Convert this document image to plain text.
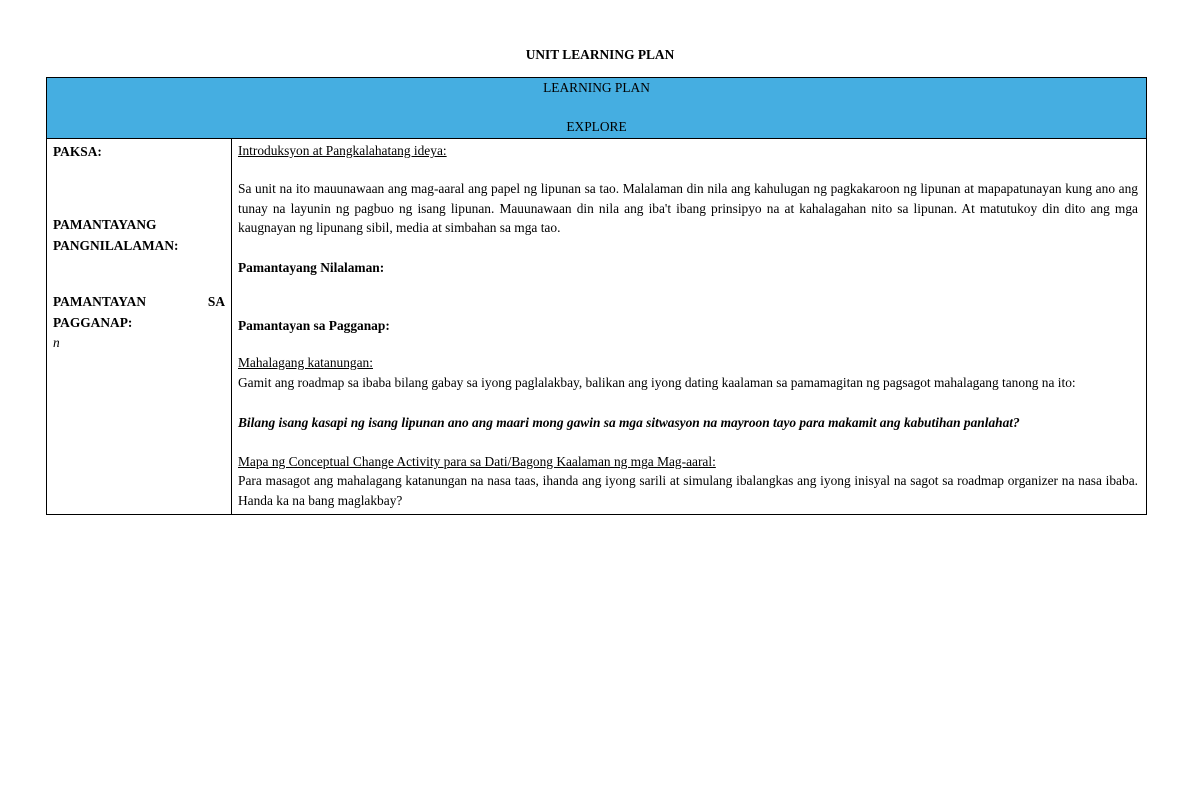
UNIT LEARNING PLAN
LEARNING PLAN
EXPLORE
PAKSA:
PAMANTAYANG
PANGNILALAMAN:
PAMANTAYAN	SA
PAGGANAP:
n
Introduksyon at Pangkalahatang ideya:
Sa unit na ito mauunawaan ang mag-aaral ang papel ng lipunan sa tao. Malalaman din nila ang kahulugan ng pagkakaroon ng lipunan at mapapatunayan kung ano ang tunay na layunin ng pagbuo ng isang lipunan. Mauunawaan din nila ang iba't ibang prinsipyo na at kahalagahan nito sa lipunan. At matutukoy din dito ang mga kaugnayan ng lipunang sibil, media at simbahan sa mga tao.
Pamantayang Nilalaman:
Pamantayan sa Pagganap:
Mahalagang katanungan:
Gamit ang roadmap sa ibaba bilang gabay sa iyong paglalakbay, balikan ang iyong dating kaalaman sa pamamagitan ng pagsagot mahalagang tanong na ito:
Bilang isang kasapi ng isang lipunan ano ang maari mong gawin sa mga sitwasyon na mayroon tayo para makamit ang kabutihan panlahat?
Mapa ng Conceptual Change Activity para sa Dati/Bagong Kaalaman ng mga Mag-aaral:
Para masagot ang mahalagang katanungan na nasa taas, ihanda ang iyong sarili at simulang ibalangkas ang iyong inisyal na sagot sa roadmap organizer na nasa ibaba. Handa ka na bang maglakbay?
